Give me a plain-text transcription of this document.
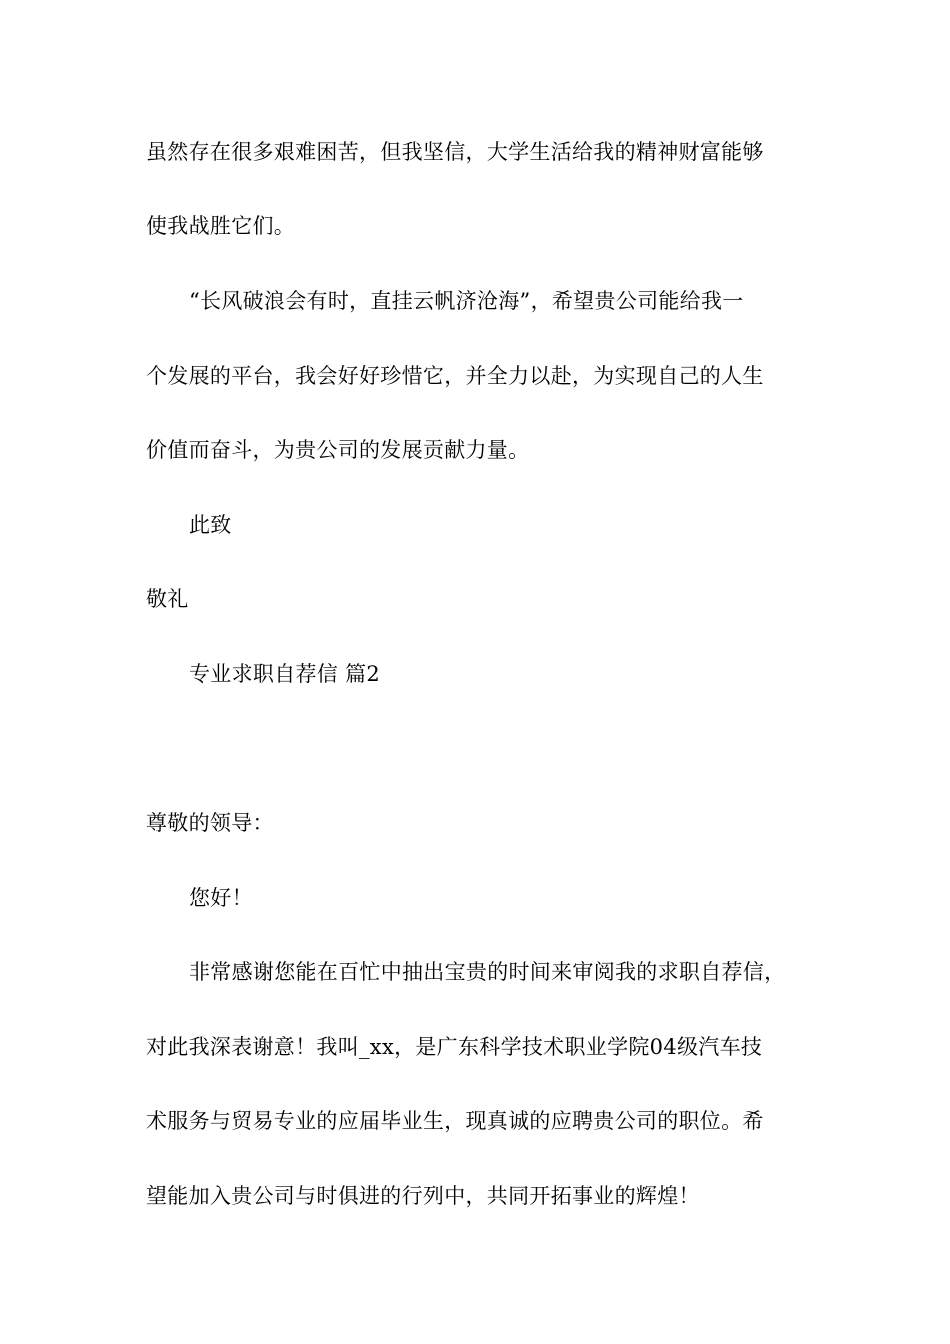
虽然存在很多艰难困苦，但我坚信，大学生活给我的精神财富能够
使我战胜它们。
“长风破浪会有时，直挂云帆济沧海”，希望贵公司能给我一
个发展的平台，我会好好珍惜它，并全力以赴，为实现自己的人生
价值而奋斗，为贵公司的发展贡献力量。
此致
敬礼
专业求职自荐信 篇2
尊敬的领导：
您好！
非常感谢您能在百忙中抽出宝贵的时间来审阅我的求职自荐信，
对此我深表谢意！我叫_xx，是广东科学技术职业学院04级汽车技
术服务与贸易专业的应届毕业生，现真诚的应聘贵公司的职位。希
望能加入贵公司与时俱进的行列中，共同开拓事业的辉煌！
